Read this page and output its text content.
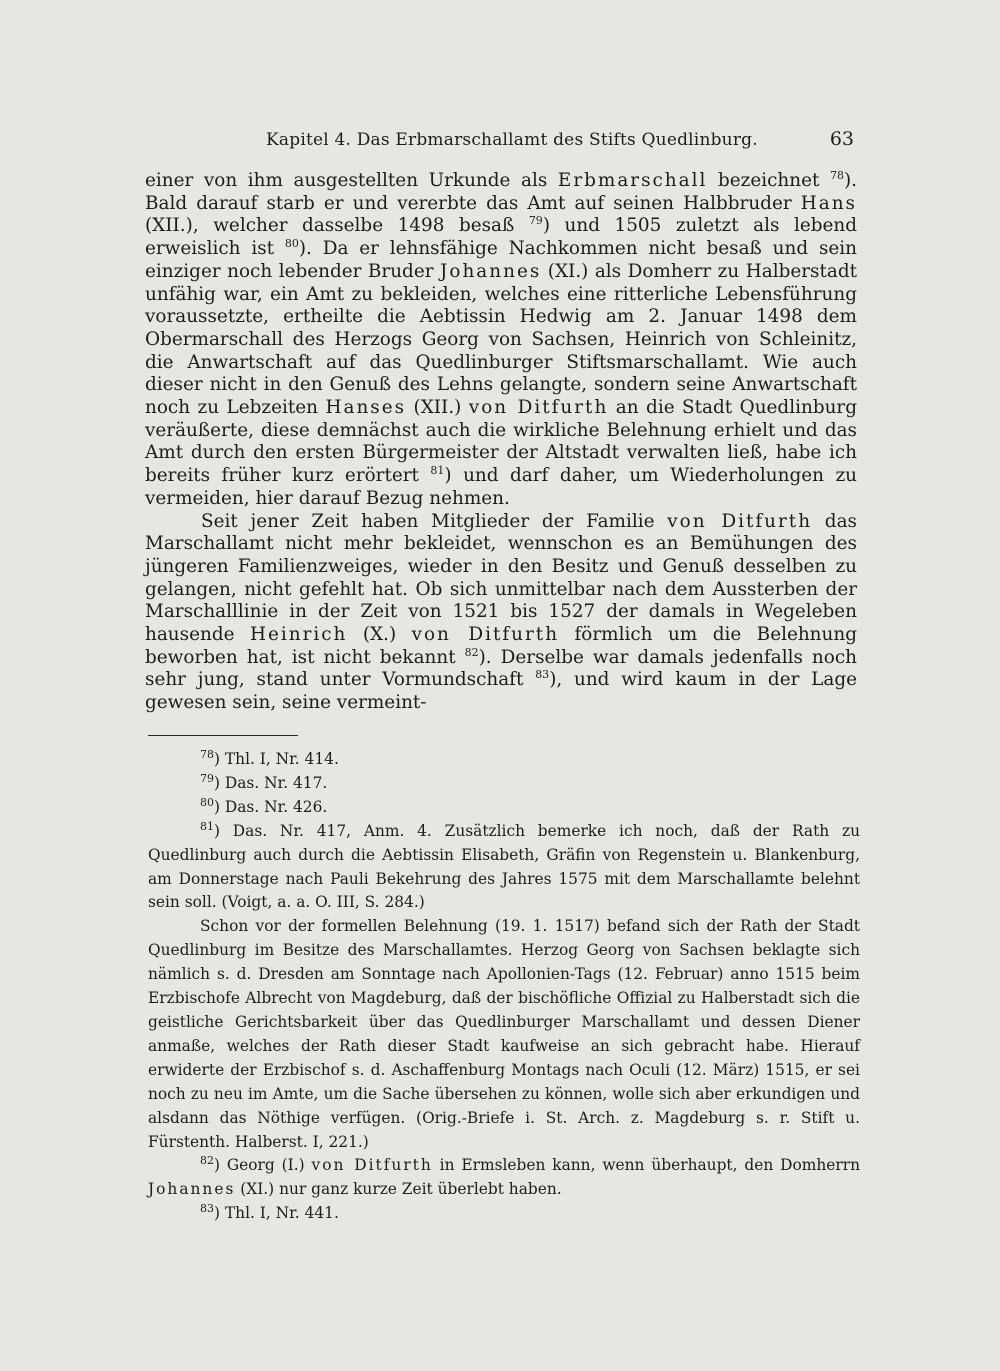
Kapitel 4. Das Erbmarschallamt des Stifts Quedlinburg.	63

einer von ihm ausgestellten Urkunde als Erbmarschall bezeichnet $^{78}$). Bald darauf starb er und vererbte das Amt auf seinen Halbbruder Hans (XII.), welcher dasselbe 1498 besaß $^{79}$) und 1505 zuletzt als lebend erweislich ist $^{80}$). Da er lehnsfähige Nachkommen nicht besaß und sein einziger noch lebender Bruder Johannes (XI.) als Domherr zu Halberstadt unfähig war, ein Amt zu bekleiden, welches eine ritterliche Lebensführung voraussetzte, ertheilte die Aebtissin Hedwig am 2. Januar 1498 dem Obermarschall des Herzogs Georg von Sachsen, Heinrich von Schleinitz, die Anwartschaft auf das Quedlinburger Stiftsmarschallamt. Wie auch dieser nicht in den Genuß des Lehns gelangte, sondern seine Anwartschaft noch zu Lebzeiten Hanses (XII.) von Ditfurth an die Stadt Quedlinburg veräußerte, diese demnächst auch die wirkliche Belehnung erhielt und das Amt durch den ersten Bürgermeister der Altstadt verwalten ließ, habe ich bereits früher kurz erörtert $^{81}$) und darf daher, um Wiederholungen zu vermeiden, hier darauf Bezug nehmen.

Seit jener Zeit haben Mitglieder der Familie von Ditfurth das Marschallamt nicht mehr bekleidet, wennschon es an Bemühungen des jüngeren Familienzweiges, wieder in den Besitz und Genuß desselben zu gelangen, nicht gefehlt hat. Ob sich unmittelbar nach dem Aussterben der Marschalllinie in der Zeit von 1521 bis 1527 der damals in Wegeleben hausende Heinrich (X.) von Ditfurth förmlich um die Belehnung beworben hat, ist nicht bekannt $^{82}$). Derselbe war damals jedenfalls noch sehr jung, stand unter Vormundschaft $^{83}$), und wird kaum in der Lage gewesen sein, seine vermeint-

$^{78}$) Thl. I, Nr. 414.

$^{79}$) Das. Nr. 417.

$^{80}$) Das. Nr. 426.

$^{81}$) Das. Nr. 417, Anm. 4. Zusätzlich bemerke ich noch, daß der Rath zu Quedlinburg auch durch die Aebtissin Elisabeth, Gräfin von Regenstein u. Blankenburg, am Donnerstage nach Pauli Bekehrung des Jahres 1575 mit dem Marschallamte belehnt sein soll. (Voigt, a. a. O. III, S. 284.)

Schon vor der formellen Belehnung (19. 1. 1517) befand sich der Rath der Stadt Quedlinburg im Besitze des Marschallamtes. Herzog Georg von Sachsen beklagte sich nämlich s. d. Dresden am Sonntage nach Apollonien-Tags (12. Februar) anno 1515 beim Erzbischofe Albrecht von Magdeburg, daß der bischöfliche Offizial zu Halberstadt sich die geistliche Gerichtsbarkeit über das Quedlinburger Marschallamt und dessen Diener anmaße, welches der Rath dieser Stadt kaufweise an sich gebracht habe. Hierauf erwiderte der Erzbischof s. d. Aschaffenburg Montags nach Oculi (12. März) 1515, er sei noch zu neu im Amte, um die Sache übersehen zu können, wolle sich aber erkundigen und alsdann das Nöthige verfügen. (Orig.-Briefe i. St. Arch. z. Magdeburg s. r. Stift u. Fürstenth. Halberst. I, 221.)

$^{82}$) Georg (I.) von Ditfurth in Ermsleben kann, wenn überhaupt, den Domherrn Johannes (XI.) nur ganz kurze Zeit überlebt haben.

$^{83}$) Thl. I, Nr. 441.
